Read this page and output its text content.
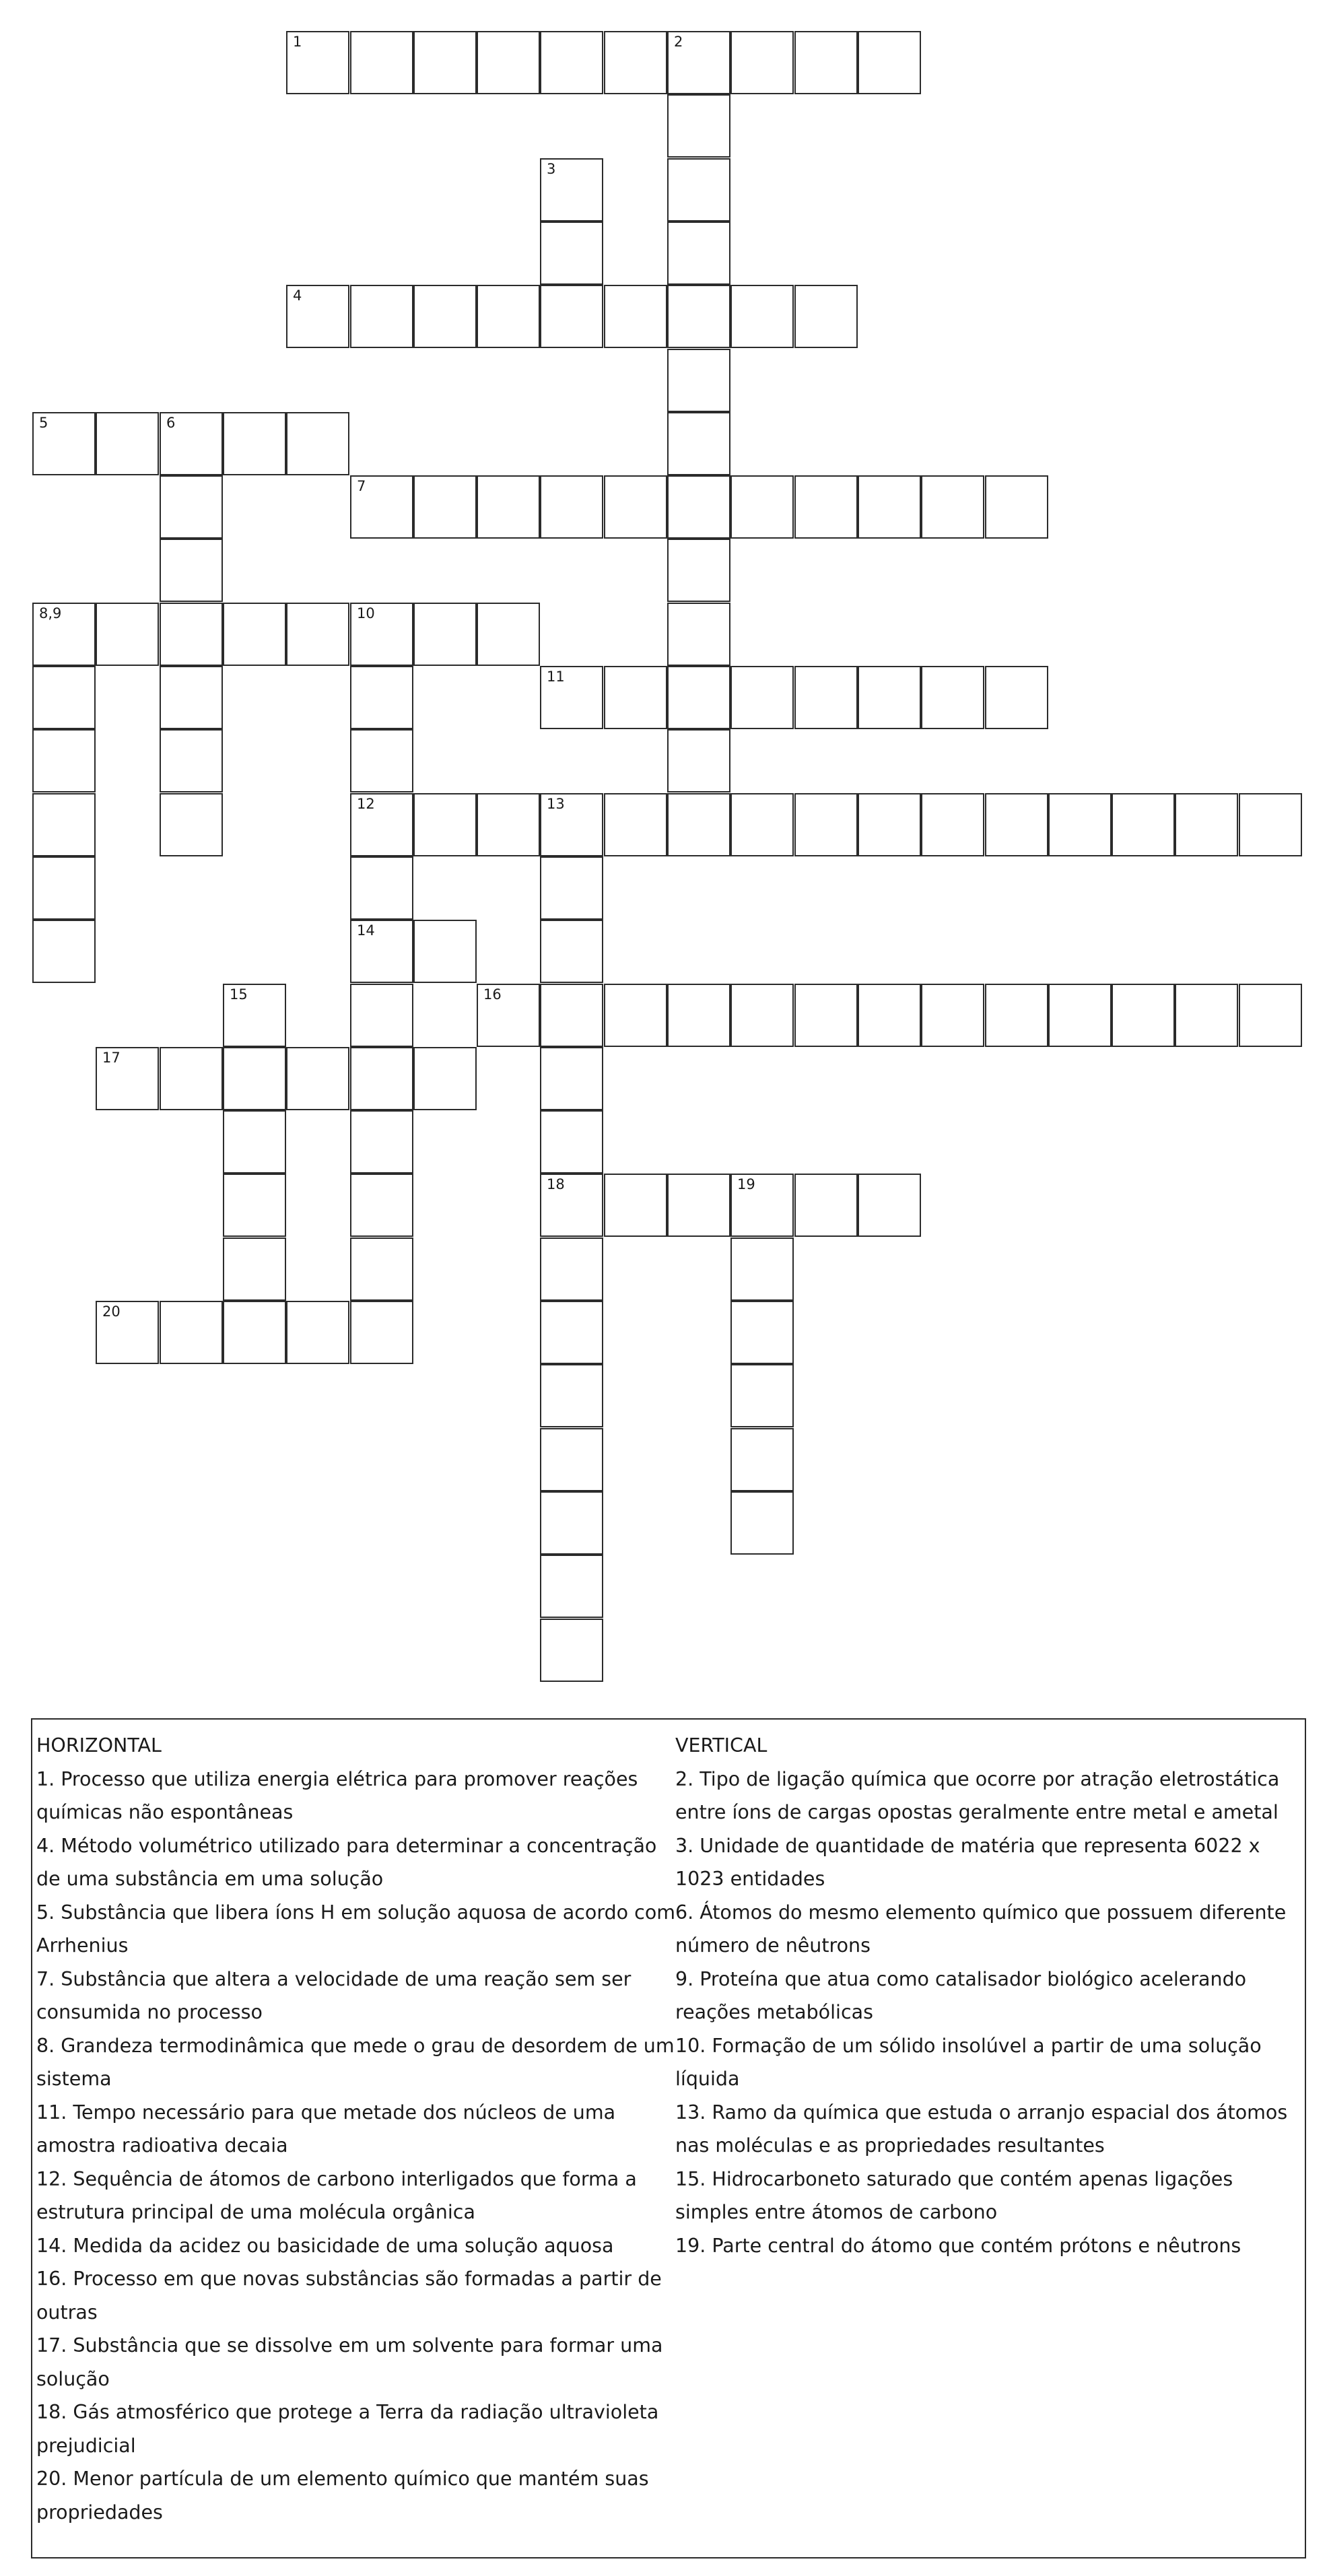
1	2
3
4
5	6
7
8,9	10
12
14
11
13
18
15	16
17
19
20
HORIZONTAL
1. Processo que utiliza energia elétrica para promover reações químicas não espontâneas
4. Método volumétrico utilizado para determinar a concentração de uma substância em uma solução
5. Substância que libera íons H em solução aquosa de acordo com Arrhenius
7. Substância que altera a velocidade de uma reação sem ser consumida no processo
8. Grandeza termodinâmica que mede o grau de desordem de um sistema
11. Tempo necessário para que metade dos núcleos de uma amostra radioativa decaia
12. Sequência de átomos de carbono interligados que forma a estrutura principal de uma molécula orgânica
14. Medida da acidez ou basicidade de uma solução aquosa
16. Processo em que novas substâncias são formadas a partir de outras
17. Substância que se dissolve em um solvente para formar uma solução
18. Gás atmosférico que protege a Terra da radiação ultravioleta prejudicial
20. Menor partícula de um elemento químico que mantém suas propriedades
VERTICAL
2. Tipo de ligação química que ocorre por atração eletrostática entre íons de cargas opostas geralmente entre metal e ametal
3. Unidade de quantidade de matéria que representa 6022 x 1023 entidades
6. Átomos do mesmo elemento químico que possuem diferente número de nêutrons
9. Proteína que atua como catalisador biológico acelerando reações metabólicas
10. Formação de um sólido insolúvel a partir de uma solução líquida
13. Ramo da química que estuda o arranjo espacial dos átomos nas moléculas e as propriedades resultantes
15. Hidrocarboneto saturado que contém apenas ligações simples entre átomos de carbono
19. Parte central do átomo que contém prótons e nêutrons
